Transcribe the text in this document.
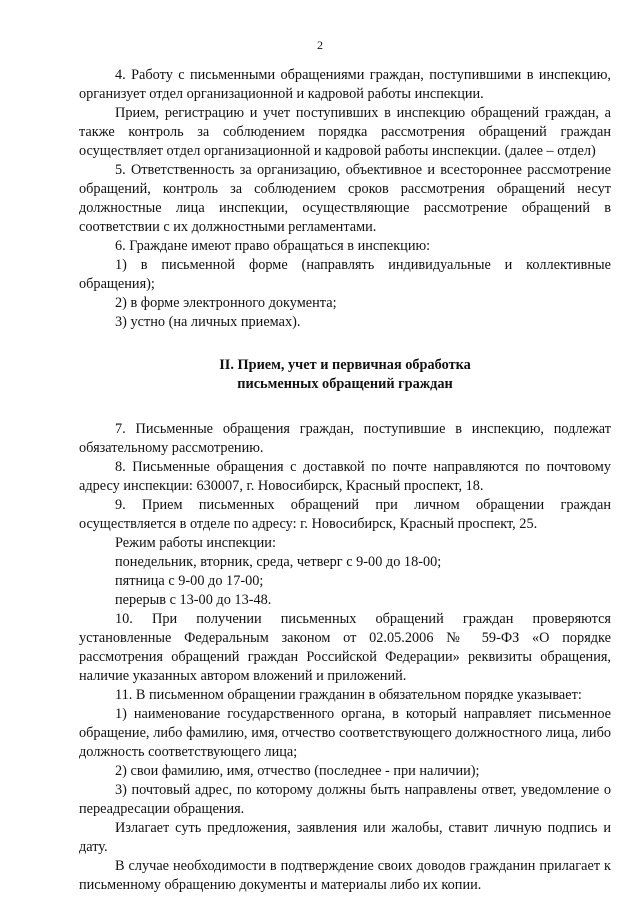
2

4. Работу с письменными обращениями граждан, поступившими в инспекцию, организует отдел организационной и кадровой работы инспекции.

Прием, регистрацию и учет поступивших в инспекцию обращений граждан, а также контроль за соблюдением порядка рассмотрения обращений граждан осуществляет отдел организационной и кадровой работы инспекции. (далее – отдел)

5. Ответственность за организацию, объективное и всестороннее рассмотрение обращений, контроль за соблюдением сроков рассмотрения обращений несут должностные лица инспекции, осуществляющие рассмотрение обращений в соответствии с их должностными регламентами.

6. Граждане имеют право обращаться в инспекцию:

1) в письменной форме (направлять индивидуальные и коллективные обращения);

2) в форме электронного документа;

3) устно (на личных приемах).

II. Прием, учет и первичная обработка

письменных обращений граждан

7. Письменные обращения граждан, поступившие в инспекцию, подлежат обязательному рассмотрению.

8. Письменные обращения с доставкой по почте направляются по почтовому адресу инспекции: 630007, г. Новосибирск, Красный проспект, 18.

9. Прием письменных обращений при личном обращении граждан осуществляется в отделе по адресу: г. Новосибирск, Красный проспект, 25.

Режим работы инспекции:

понедельник, вторник, среда, четверг с 9-00 до 18-00;

пятница с 9-00 до 17-00;

перерыв с 13-00 до 13-48.

10. При получении письменных обращений граждан проверяются установленные Федеральным законом от 02.05.2006 № 59-ФЗ «О порядке рассмотрения обращений граждан Российской Федерации» реквизиты обращения, наличие указанных автором вложений и приложений.

11. В письменном обращении гражданин в обязательном порядке указывает:

1) наименование государственного органа, в который направляет письменное обращение, либо фамилию, имя, отчество соответствующего должностного лица, либо должность соответствующего лица;

2) свои фамилию, имя, отчество (последнее - при наличии);

3) почтовый адрес, по которому должны быть направлены ответ, уведомление о переадресации обращения.

Излагает суть предложения, заявления или жалобы, ставит личную подпись и дату.

В случае необходимости в подтверждение своих доводов гражданин прилагает к письменному обращению документы и материалы либо их копии.
